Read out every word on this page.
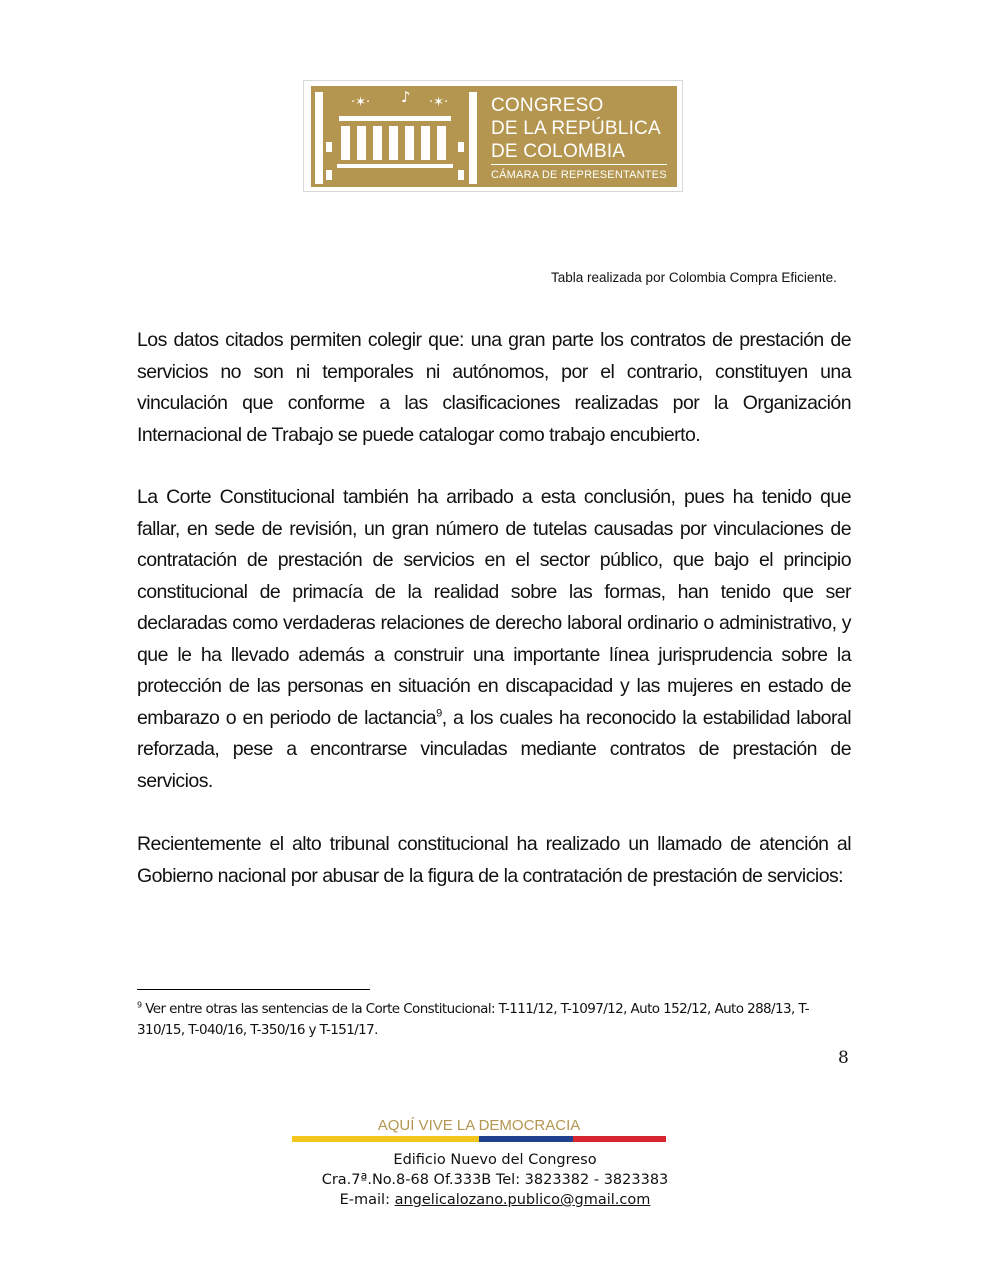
·✶· ♪ ·✶· CONGRESO
DE LA REPÚBLICA
DE COLOMBIA
CÁMARA DE REPRESENTANTES
Tabla realizada por Colombia Compra Eficiente.

Los datos citados permiten colegir que: una gran parte los contratos de prestación de servicios no son ni temporales ni autónomos, por el contrario, constituyen una vinculación que conforme a las clasificaciones realizadas por la Organización Internacional de Trabajo se puede catalogar como trabajo encubierto.

La Corte Constitucional también ha arribado a esta conclusión, pues ha tenido que fallar, en sede de revisión, un gran número de tutelas causadas por vinculaciones de contratación de prestación de servicios en el sector público, que bajo el principio constitucional de primacía de la realidad sobre las formas, han tenido que ser declaradas como verdaderas relaciones de derecho laboral ordinario o administrativo, y que le ha llevado además a construir una importante línea jurisprudencia sobre la protección de las personas en situación en discapacidad y las mujeres en estado de embarazo o en periodo de lactancia$^9$, a los cuales ha reconocido la estabilidad laboral reforzada, pese a encontrarse vinculadas mediante contratos de prestación de servicios.

Recientemente el alto tribunal constitucional ha realizado un llamado de atención al Gobierno nacional por abusar de la figura de la contratación de prestación de servicios:

$^9$ Ver entre otras las sentencias de la Corte Constitucional: T-111/12, T-1097/12, Auto 152/12, Auto 288/13, T-310/15, T-040/16, T-350/16 y T-151/17.
8
AQUÍ VIVE LA DEMOCRACIA
Edificio Nuevo del Congreso
Cra.7ª.No.8-68 Of.333B Tel: 3823382 - 3823383
E-mail: angelicalozano.publico@gmail.com
